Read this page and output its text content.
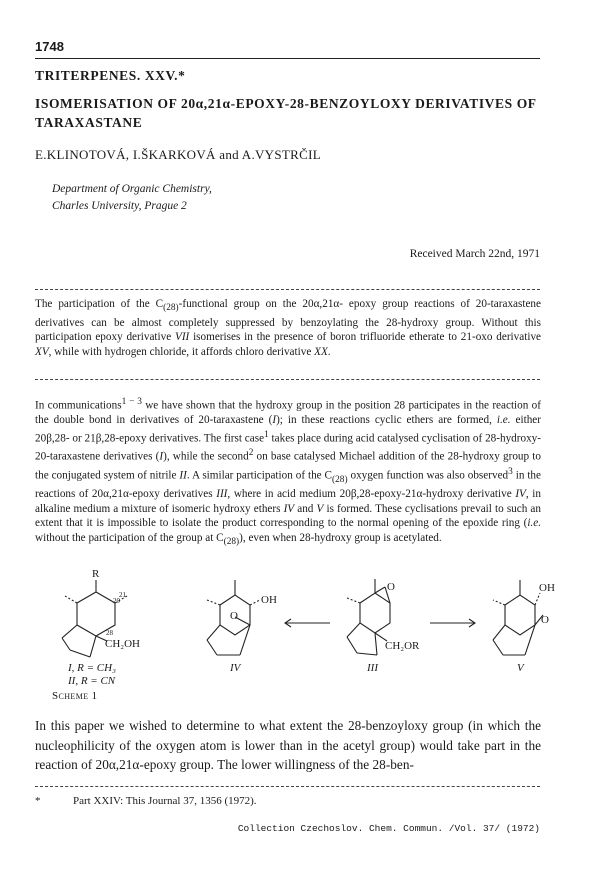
1748
TRITERPENES. XXV.*
ISOMERISATION OF 20α,21α-EPOXY-28-BENZOYLOXY DERIVATIVES OF TARAXASTANE
E.KLINOTOVÁ, I.ŠKARKOVÁ and A.VYSTRČIL
Department of Organic Chemistry,
Charles University, Prague 2
Received March 22nd, 1971
The participation of the $C_{(28)}$-functional group on the 20α,21α- epoxy group reactions of 20-taraxastene derivatives can be almost completely suppressed by benzoylating the 28-hydroxy group. Without this participation epoxy derivative VII isomerises in the presence of boron trifluoride etherate to 21-oxo derivative XV, while with hydrogen chloride, it affords chloro derivative XX.
In communications$^{1 - 3}$ we have shown that the hydroxy group in the position 28 participates in the reaction of the double bond in derivatives of 20-taraxastene (I); in these reactions cyclic ethers are formed, i.e. either 20β,28- or 21β,28-epoxy derivatives. The first case$^1$ takes place during acid catalysed cyclisation of 28-hydroxy-20-taraxastene derivatives (I), while the second$^2$ on base catalysed Michael addition of the 28-hydroxy group to the conjugated system of nitrile II. A similar participation of the $C_{(28)}$ oxygen function was also observed$^3$ in the reactions of 20α,21α-epoxy derivatives III, where in acid medium 20β,28-epoxy-21α-hydroxy derivative IV, in alkaline medium a mixture of isomeric hydroxy ethers IV and V is formed. These cyclisations prevail to such an extent that it is impossible to isolate the product corresponding to the normal opening of the epoxide ring (i.e. without the participation of the group at $C_{(28)}$), even when 28-hydroxy group is acetylated.
R
20
21
28
CH₂OH
O
OH
O
CH₂OR
OH
O
I, R = CH₃
II, R = CN
IV	III	V
Scheme 1
In this paper we wished to determine to what extent the 28-benzoyloxy group (in which the nucleophilicity of the oxygen atom is lower than in the acetyl group) would take part in the reaction of 20α,21α-epoxy group. The lower willingness of the 28-ben-
*	Part XXIV: This Journal 37, 1356 (1972).
Collection Czechoslov. Chem. Commun. /Vol. 37/ (1972)
